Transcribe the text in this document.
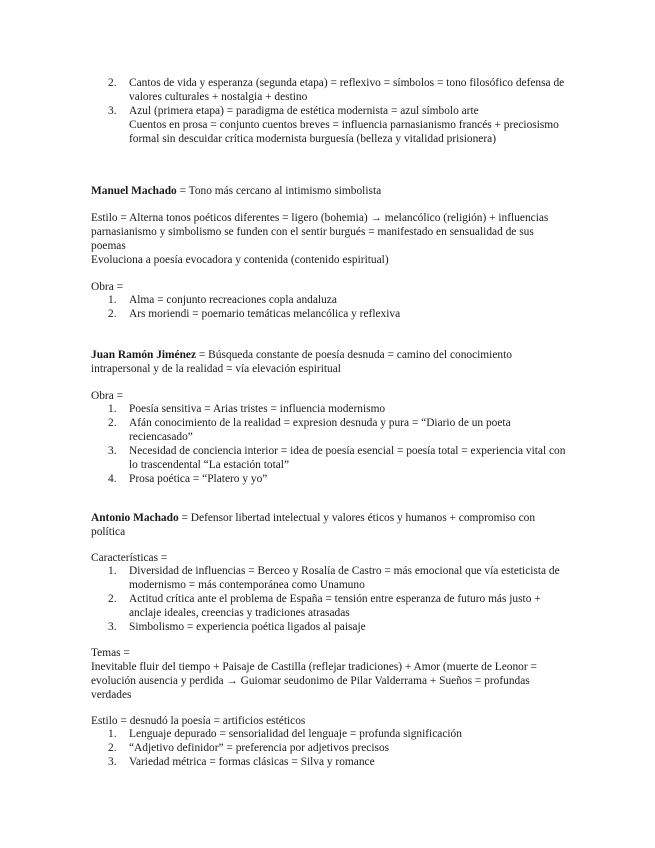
2. Cantos de vida y esperanza (segunda etapa) = reflexivo = símbolos = tono filosófico defensa de valores culturales + nostalgia + destino
3. Azul (primera etapa) = paradigma de estética modernista = azul símbolo arte
Cuentos en prosa = conjunto cuentos breves = influencia parnasianismo francés + preciosismo formal sin descuidar crítica modernista burguesía (belleza y vitalidad prisionera)

Manuel Machado = Tono más cercano al intimismo simbolista

Estilo = Alterna tonos poéticos diferentes = ligero (bohemia) → melancólico (religión) + influencias parnasianismo y simbolismo se funden con el sentir burgués = manifestado en sensualidad de sus poemas

Evoluciona a poesía evocadora y contenida (contenido espiritual)

Obra =

1. Alma = conjunto recreaciones copla andaluza
2. Ars moriendi = poemario temáticas melancólica y reflexiva

Juan Ramón Jiménez = Búsqueda constante de poesía desnuda = camino del conocimiento intrapersonal y de la realidad = vía elevación espiritual

Obra =

1. Poesía sensitiva = Arias tristes = influencia modernismo
2. Afán conocimiento de la realidad = expresion desnuda y pura = “Diario de un poeta reciencasado”
3. Necesidad de conciencia interior = idea de poesía esencial = poesía total = experiencia vital con lo trascendental “La estación total”
4. Prosa poética = “Platero y yo”

Antonio Machado = Defensor libertad intelectual y valores éticos y humanos + compromiso con política

Características =

1. Diversidad de influencias = Berceo y Rosalía de Castro = más emocional que vía esteticista de modernismo = más contemporánea como Unamuno
2. Actitud crítica ante el problema de España = tensión entre esperanza de futuro más justo + anclaje ideales, creencias y tradiciones atrasadas
3. Simbolismo = experiencia poética ligados al paisaje

Temas =

Inevitable fluir del tiempo + Paisaje de Castilla (reflejar tradiciones) + Amor (muerte de Leonor = evolución ausencia y perdida → Guiomar seudonimo de Pilar Valderrama + Sueños = profundas verdades

Estilo = desnudó la poesía = artificios estéticos

1. Lenguaje depurado = sensorialidad del lenguaje = profunda significación
2. “Adjetivo definidor” = preferencia por adjetivos precisos
3. Variedad métrica = formas clásicas = Silva y romance
